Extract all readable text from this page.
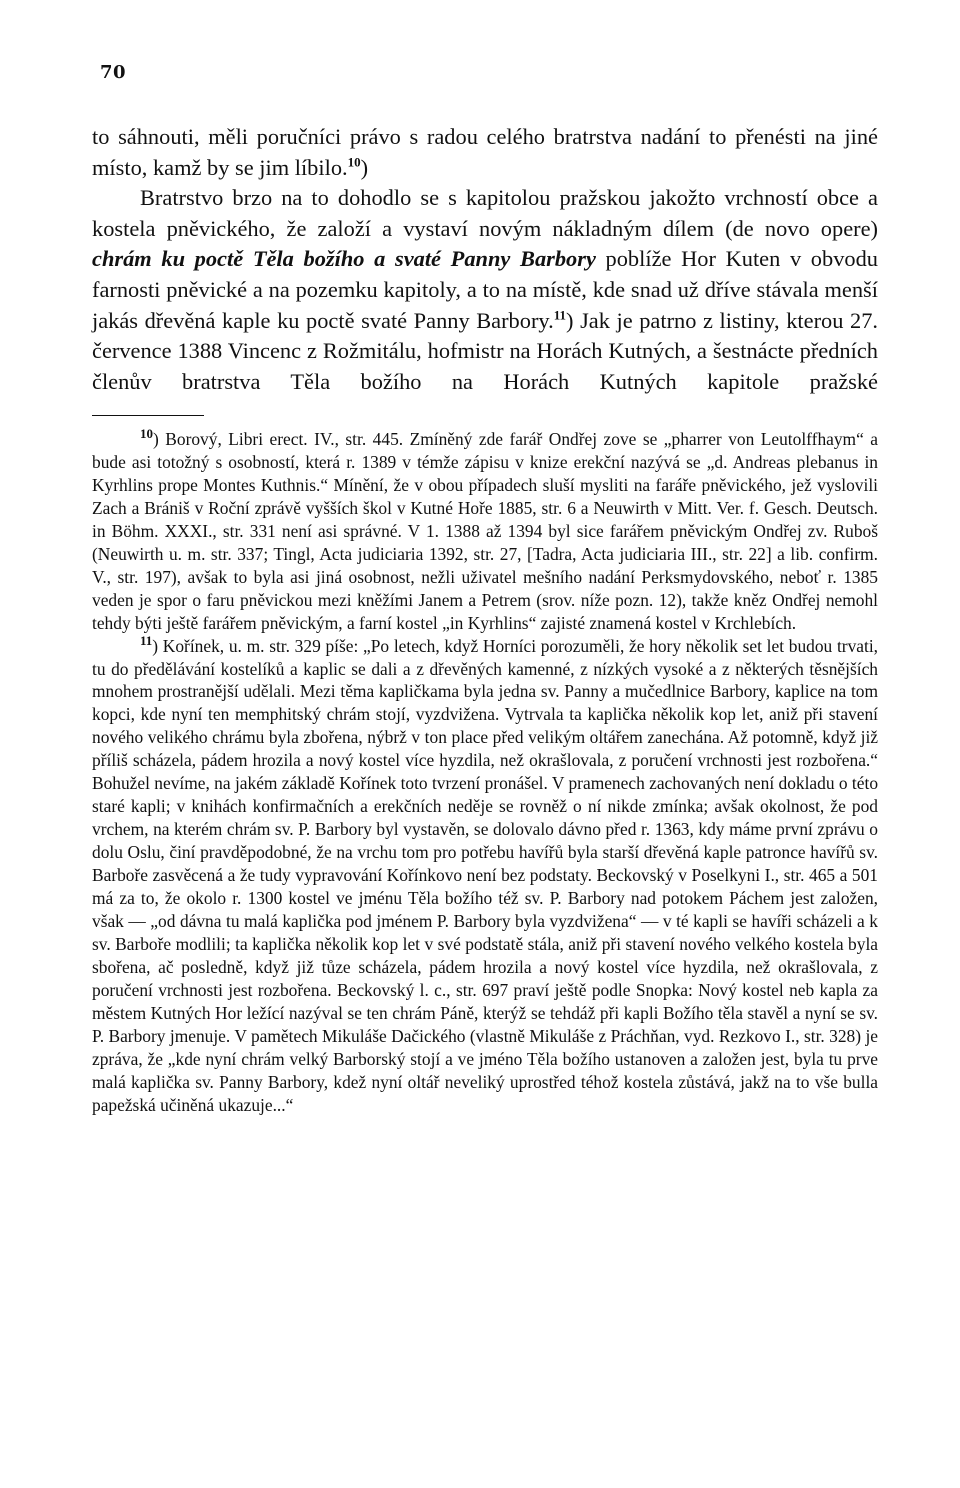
70

to sáhnouti, měli poručníci právo s radou celého bratrstva nadání to přenésti na jiné místo, kamž by se jim líbilo.$^{10}$)

Bratrstvo brzo na to dohodlo se s kapitolou pražskou jakožto vrchností obce a kostela pněvického, že založí a vystaví novým nákladným dílem (de novo opere) chrám ku poctě Těla božího a svaté Panny Barbory poblíže Hor Kuten v obvodu farnosti pněvické a na pozemku kapitoly, a to na místě, kde snad už dříve stávala menší jakás dřevěná kaple ku poctě svaté Panny Barbory.$^{11}$) Jak je patrno z listiny, kterou 27. července 1388 Vincenc z Rožmitálu, hofmistr na Horách Kutných, a šestnácte předních členův bratrstva Těla božího na Horách Kutných kapitole pražské

$^{10}$) Borový, Libri erect. IV., str. 445. Zmíněný zde farář Ondřej zove se „pharrer von Leutolffhaym“ a bude asi totožný s osobností, která r. 1389 v témže zápisu v knize erekční nazývá se „d. Andreas plebanus in Kyrhlins prope Montes Kuthnis.“ Mínění, že v obou případech sluší mysliti na faráře pněvického, jež vyslovili Zach a Brániš v Roční zprávě vyšších škol v Kutné Hoře 1885, str. 6 a Neuwirth v Mitt. Ver. f. Gesch. Deutsch. in Böhm. XXXI., str. 331 není asi správné. V 1. 1388 až 1394 byl sice farářem pněvickým Ondřej zv. Ruboš (Neuwirth u. m. str. 337; Tingl, Acta judiciaria 1392, str. 27, [Tadra, Acta judiciaria III., str. 22] a lib. confirm. V., str. 197), avšak to byla asi jiná osobnost, nežli uživatel mešního nadání Perksmydovského, neboť r. 1385 veden je spor o faru pněvickou mezi kněžími Janem a Petrem (srov. níže pozn. 12), takže kněz Ondřej nemohl tehdy býti ještě farářem pněvickým, a farní kostel „in Kyrhlins“ zajisté znamená kostel v Krchlebích.

$^{11}$) Kořínek, u. m. str. 329 píše: „Po letech, když Horníci porozuměli, že hory několik set let budou trvati, tu do předělávání kostelíků a kaplic se dali a z dřevěných kamenné, z nízkých vysoké a z některých těsnějších mnohem prostranější udělali. Mezi těma kapličkama byla jedna sv. Panny a mučedlnice Barbory, kaplice na tom kopci, kde nyní ten memphitský chrám stojí, vyzdvižena. Vytrvala ta kaplička několik kop let, aniž při stavení nového velikého chrámu byla zbořena, nýbrž v ton place před velikým oltářem zanechána. Až potomně, když již příliš scházela, pádem hrozila a nový kostel více hyzdila, než okrašlovala, z poručení vrchnosti jest rozbořena.“ Bohužel nevíme, na jakém základě Kořínek toto tvrzení pronášel. V pramenech zachovaných není dokladu o této staré kapli; v knihách konfirmačních a erekčních neděje se rovněž o ní nikde zmínka; avšak okolnost, že pod vrchem, na kterém chrám sv. P. Barbory byl vystavěn, se dolovalo dávno před r. 1363, kdy máme první zprávu o dolu Oslu, činí pravděpodobné, že na vrchu tom pro potřebu havířů byla starší dřevěná kaple patronce havířů sv. Barboře zasvěcená a že tudy vypravování Kořínkovo není bez podstaty. Beckovský v Poselkyni I., str. 465 a 501 má za to, že okolo r. 1300 kostel ve jménu Těla božího též sv. P. Barbory nad potokem Páchem jest založen, však — „od dávna tu malá kaplička pod jménem P. Barbory byla vyzdvižena“ — v té kapli se havíři scházeli a k sv. Barboře modlili; ta kaplička několik kop let v své podstatě stála, aniž při stavení nového velkého kostela byla sbořena, ač posledně, když již tůze scházela, pádem hrozila a nový kostel více hyzdila, než okrašlovala, z poručení vrchnosti jest rozbořena. Beckovský l. c., str. 697 praví ještě podle Snopka: Nový kostel neb kapla za městem Kutných Hor ležící nazýval se ten chrám Páně, kterýž se tehdáž při kapli Božího těla stavěl a nyní se sv. P. Barbory jmenuje. V pamětech Mikuláše Dačického (vlastně Mikuláše z Práchňan, vyd. Rezkovo I., str. 328) je zpráva, že „kde nyní chrám velký Barborský stojí a ve jméno Těla božího ustanoven a založen jest, byla tu prve malá kaplička sv. Panny Barbory, kdež nyní oltář neveliký uprostřed téhož kostela zůstává, jakž na to vše bulla papežská učiněná ukazuje...“
